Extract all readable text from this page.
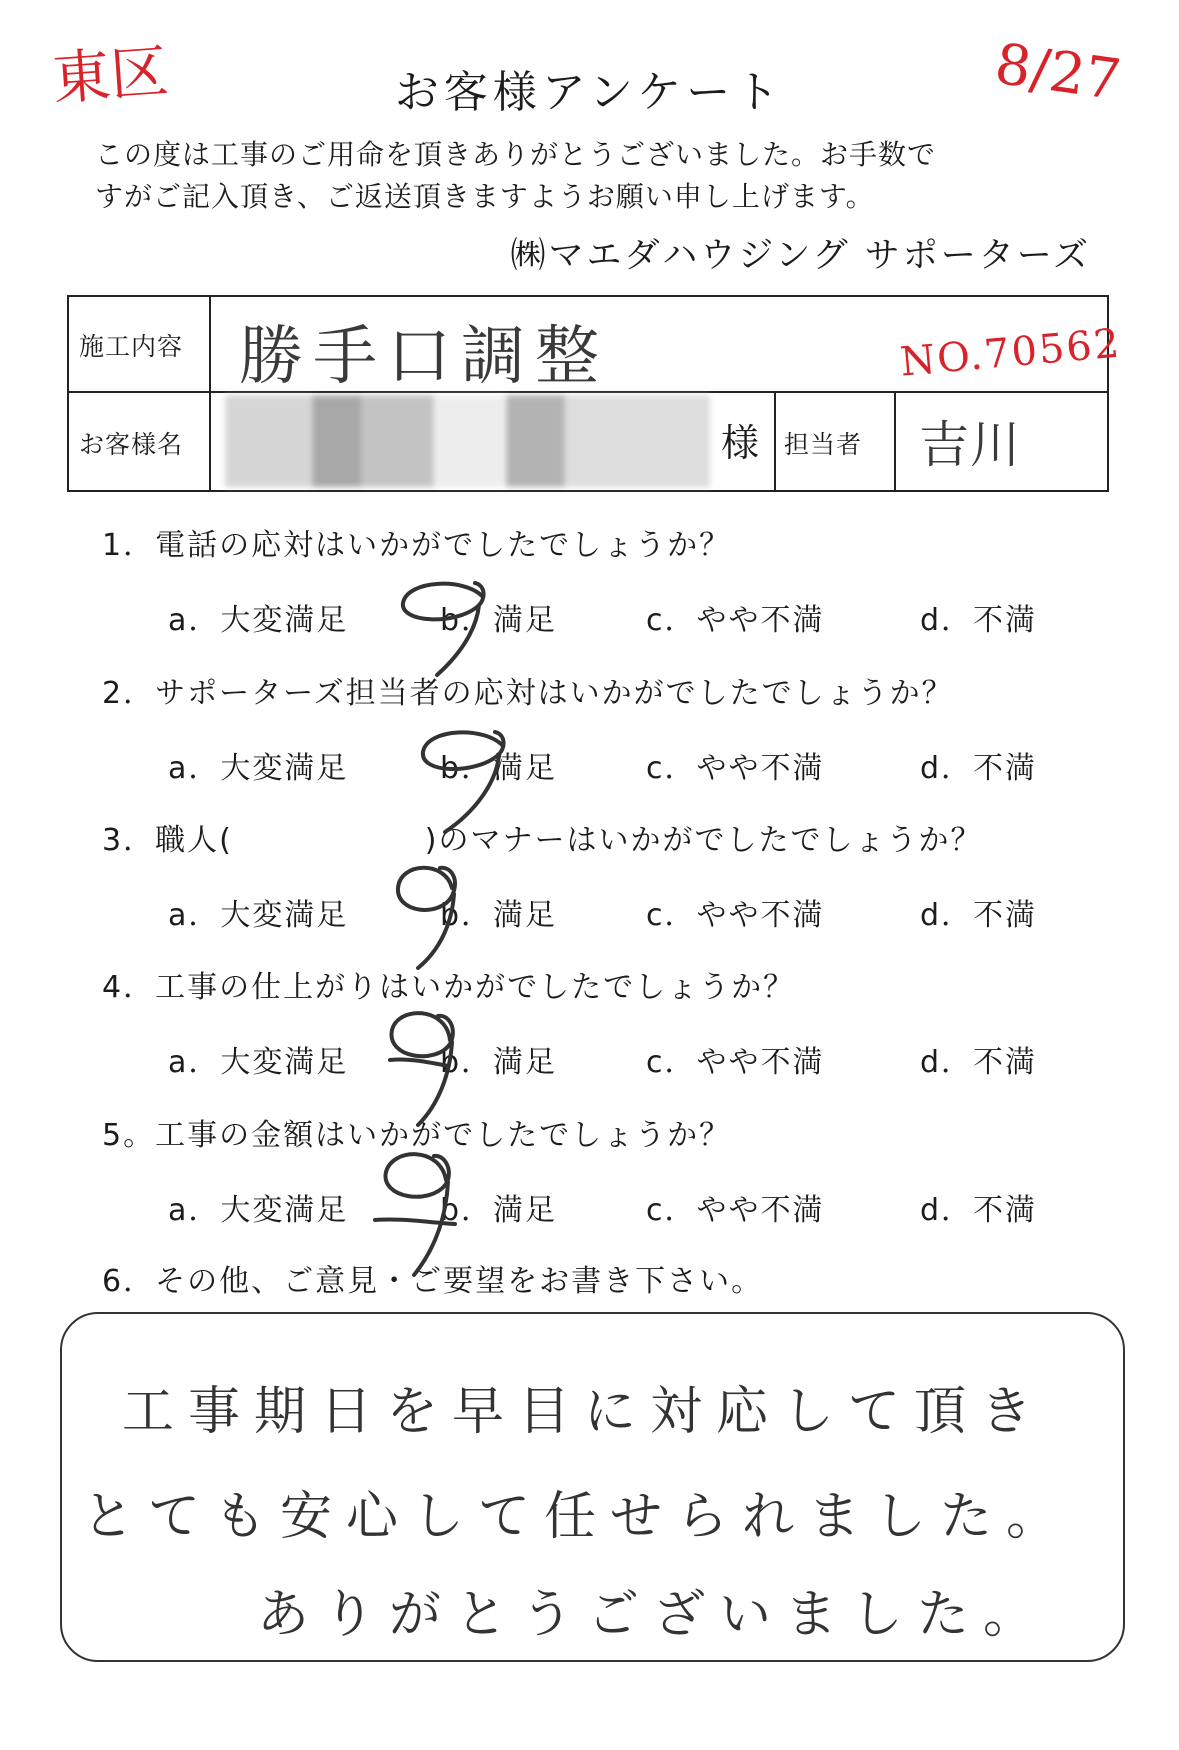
東区	8/27
お客様アンケート
この度は工事のご用命を頂きありがとうございました。お手数で
すがご記入頂き、ご返送頂きますようお願い申し上げます。
㈱マエダハウジング サポーターズ
施工内容 勝手口調整
お客様名	様 担当者 吉川
NO.70562
1．電話の応対はいかがでしたでしょうか？
a．大変満足	b．満足	c．やや不満	d．不満
2．サポーターズ担当者の応対はいかがでしたでしょうか？
a．大変満足	b．満足	c．やや不満	d．不満
3．職人(　　　　　　)のマナーはいかがでしたでしょうか？
a．大変満足	b．満足	c．やや不満	d．不満
4．工事の仕上がりはいかがでしたでしょうか？
a．大変満足	b．満足	c．やや不満	d．不満
5。工事の金額はいかがでしたでしょうか？
a．大変満足	b．満足	c．やや不満	d．不満
6．その他、ご意見・ご要望をお書き下さい。
工事期日を早目に対応して頂き
とても安心して任せられました。
ありがとうございました。
